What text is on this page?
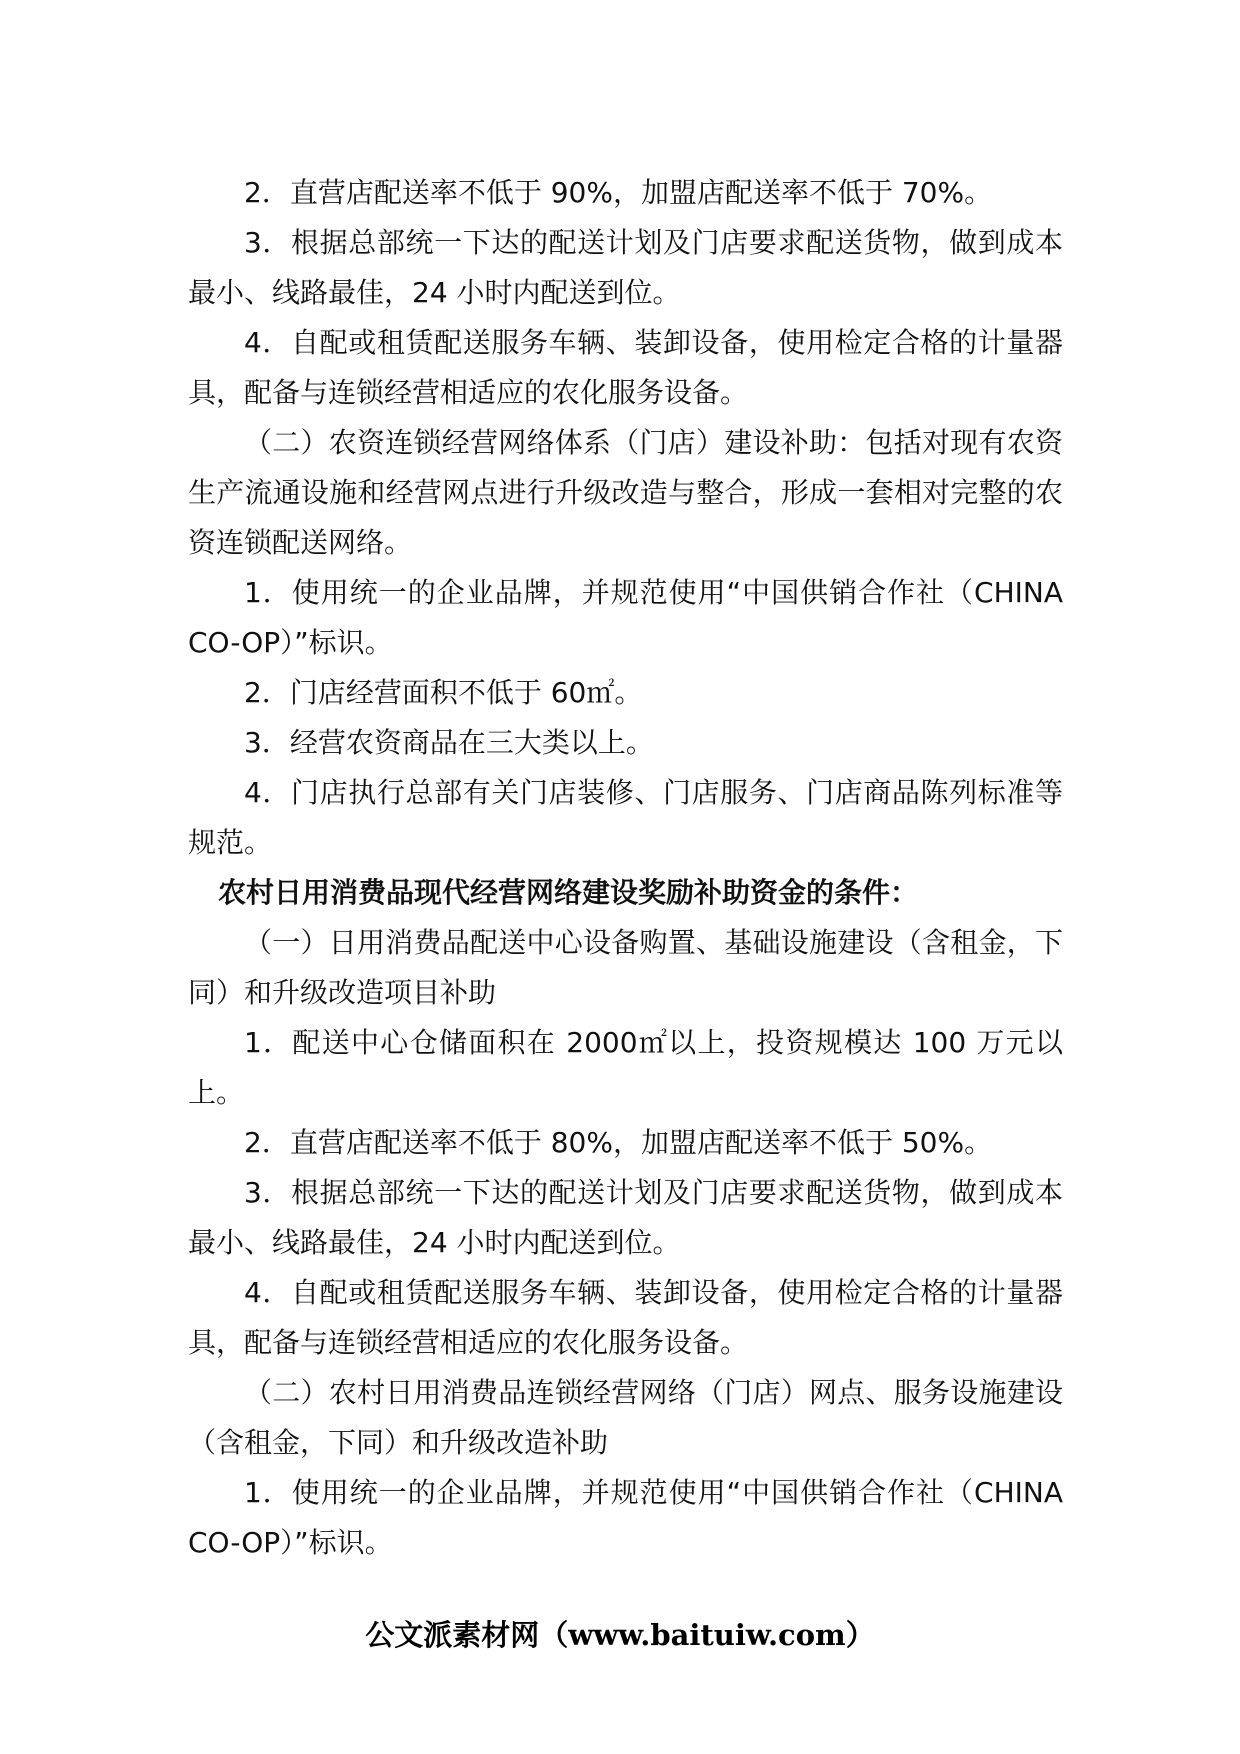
2．直营店配送率不低于 90%，加盟店配送率不低于 70%。

3．根据总部统一下达的配送计划及门店要求配送货物，做到成本最小、线路最佳，24 小时内配送到位。

4．自配或租赁配送服务车辆、装卸设备，使用检定合格的计量器具，配备与连锁经营相适应的农化服务设备。

（二）农资连锁经营网络体系（门店）建设补助：包括对现有农资生产流通设施和经营网点进行升级改造与整合，形成一套相对完整的农资连锁配送网络。

1．使用统一的企业品牌，并规范使用“中国供销合作社（CHINA CO-OP）”标识。

2．门店经营面积不低于 60㎡。

3．经营农资商品在三大类以上。

4．门店执行总部有关门店装修、门店服务、门店商品陈列标准等规范。

农村日用消费品现代经营网络建设奖励补助资金的条件：

（一）日用消费品配送中心设备购置、基础设施建设（含租金，下同）和升级改造项目补助

1．配送中心仓储面积在 2000㎡以上，投资规模达 100 万元以上。

2．直营店配送率不低于 80%，加盟店配送率不低于 50%。

3．根据总部统一下达的配送计划及门店要求配送货物，做到成本最小、线路最佳，24 小时内配送到位。

4．自配或租赁配送服务车辆、装卸设备，使用检定合格的计量器具，配备与连锁经营相适应的农化服务设备。

（二）农村日用消费品连锁经营网络（门店）网点、服务设施建设（含租金，下同）和升级改造补助

1．使用统一的企业品牌，并规范使用“中国供销合作社（CHINA CO-OP）”标识。

公文派素材网（www.baituiw.com）
